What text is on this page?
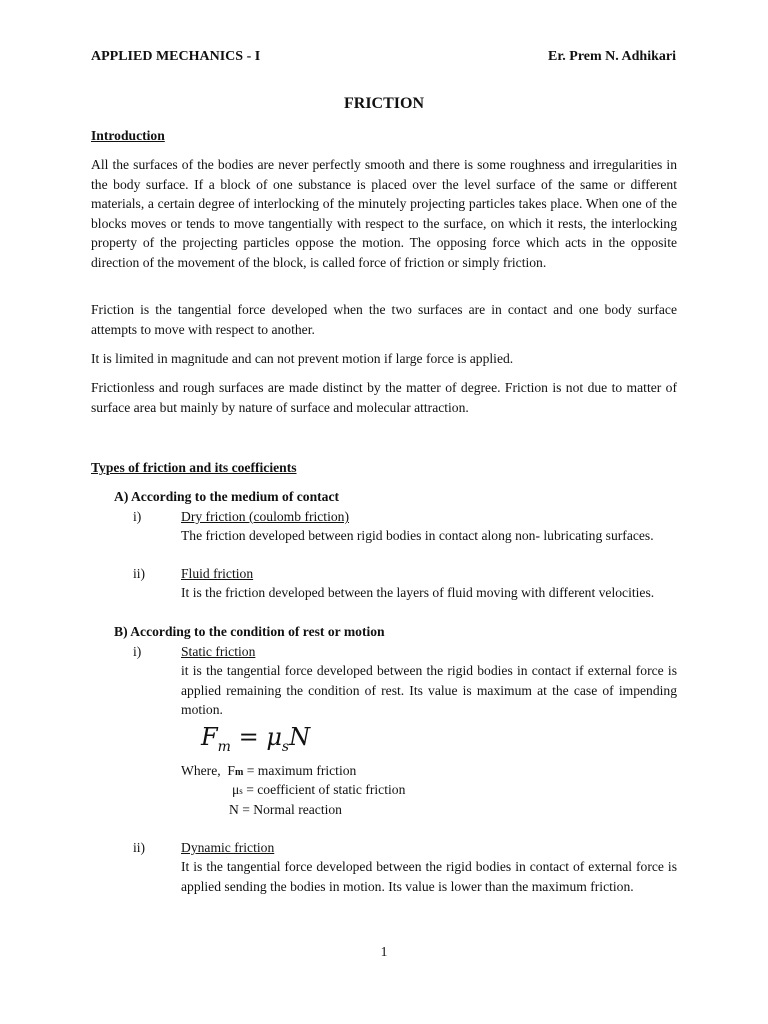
APPLIED MECHANICS - I	Er. Prem N. Adhikari
FRICTION
Introduction
All the surfaces of the bodies are never perfectly smooth and there is some roughness and irregularities in the body surface. If a block of one substance is placed over the level surface of the same or different materials, a certain degree of interlocking of the minutely projecting particles takes place. When one of the blocks moves or tends to move tangentially with respect to the surface, on which it rests, the interlocking property of the projecting particles oppose the motion. The opposing force which acts in the opposite direction of the movement of the block, is called force of friction or simply friction.
Friction is the tangential force developed when the two surfaces are in contact and one body surface attempts to move with respect to another.
It is limited in magnitude and can not prevent motion if large force is applied.
Frictionless and rough surfaces are made distinct by the matter of degree. Friction is not due to matter of surface area but mainly by nature of surface and molecular attraction.
Types of friction and its coefficients
A) According to the medium of contact
i)	Dry friction (coulomb friction)
The friction developed between rigid bodies in contact along non- lubricating surfaces.
ii)	Fluid friction
It is the friction developed between the layers of fluid moving with different velocities.
B) According to the condition of rest or motion
i)	Static friction
it is the tangential force developed between the rigid bodies in contact if external force is applied remaining the condition of rest. Its value is maximum at the case of impending motion.
$F_m = \mu_sN$
Where, Fm = maximum friction
μs = coefficient of static friction
N = Normal reaction
ii)	Dynamic friction
It is the tangential force developed between the rigid bodies in contact of external force is applied sending the bodies in motion. Its value is lower than the maximum friction.
1
